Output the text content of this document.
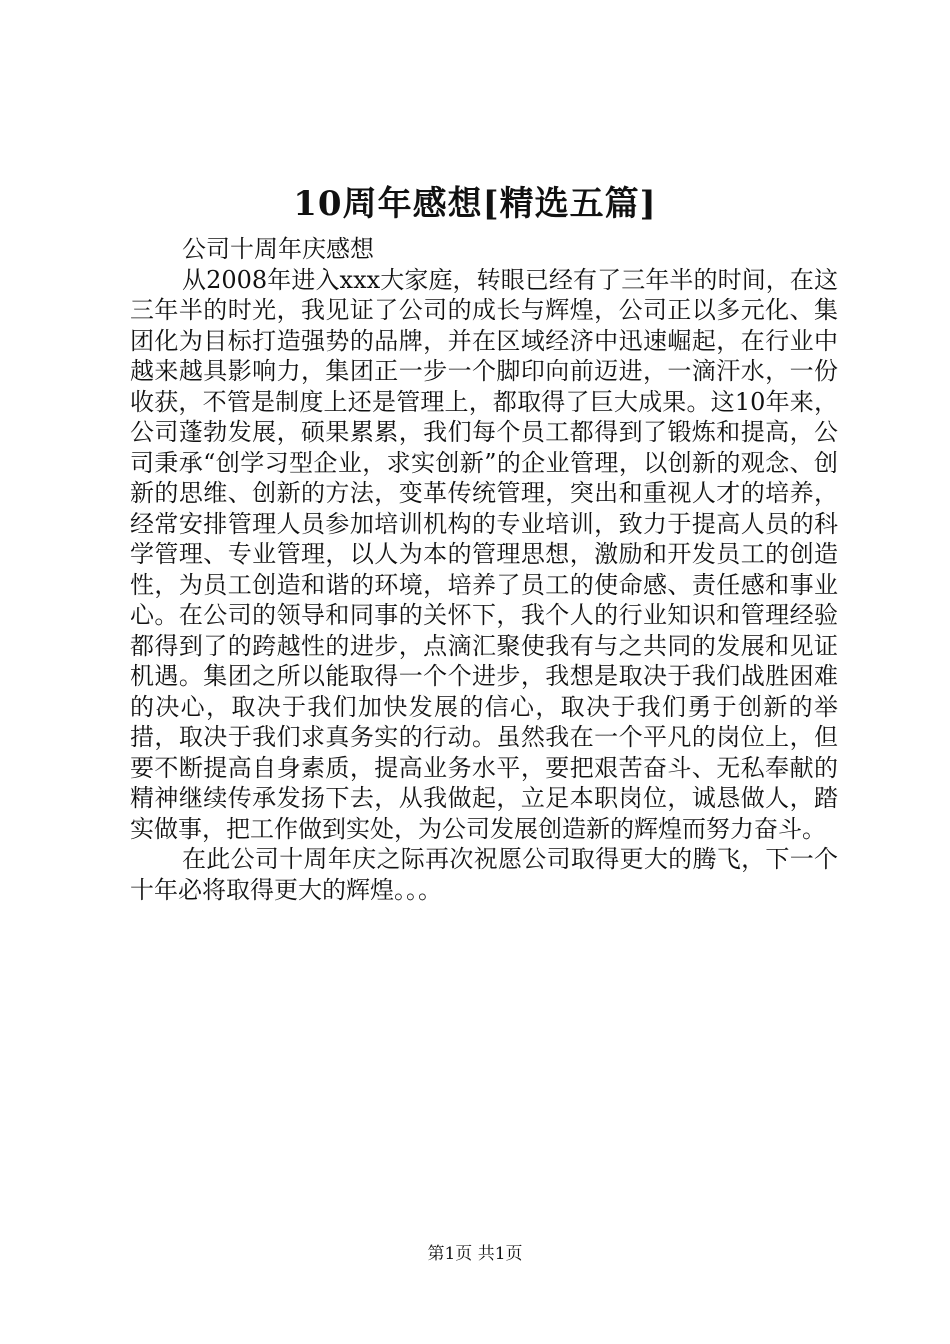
10周年感想[精选五篇]

公司十周年庆感想

从2008年进入xxx大家庭，转眼已经有了三年半的时间，在这三年半的时光，我见证了公司的成长与辉煌，公司正以多元化、集团化为目标打造强势的品牌，并在区域经济中迅速崛起，在行业中越来越具影响力，集团正一步一个脚印向前迈进，一滴汗水，一份收获，不管是制度上还是管理上，都取得了巨大成果。这10年来，公司蓬勃发展，硕果累累，我们每个员工都得到了锻炼和提高，公司秉承“创学习型企业，求实创新”的企业管理，以创新的观念、创新的思维、创新的方法，变革传统管理，突出和重视人才的培养，经常安排管理人员参加培训机构的专业培训，致力于提高人员的科学管理、专业管理，以人为本的管理思想，激励和开发员工的创造性，为员工创造和谐的环境，培养了员工的使命感、责任感和事业心。在公司的领导和同事的关怀下，我个人的行业知识和管理经验都得到了的跨越性的进步，点滴汇聚使我有与之共同的发展和见证机遇。集团之所以能取得一个个进步，我想是取决于我们战胜困难的决心，取决于我们加快发展的信心，取决于我们勇于创新的举措，取决于我们求真务实的行动。虽然我在一个平凡的岗位上，但要不断提高自身素质，提高业务水平，要把艰苦奋斗、无私奉献的精神继续传承发扬下去，从我做起，立足本职岗位，诚恳做人，踏实做事，把工作做到实处，为公司发展创造新的辉煌而努力奋斗。

在此公司十周年庆之际再次祝愿公司取得更大的腾飞，下一个十年必将取得更大的辉煌。。。

第1页 共1页
